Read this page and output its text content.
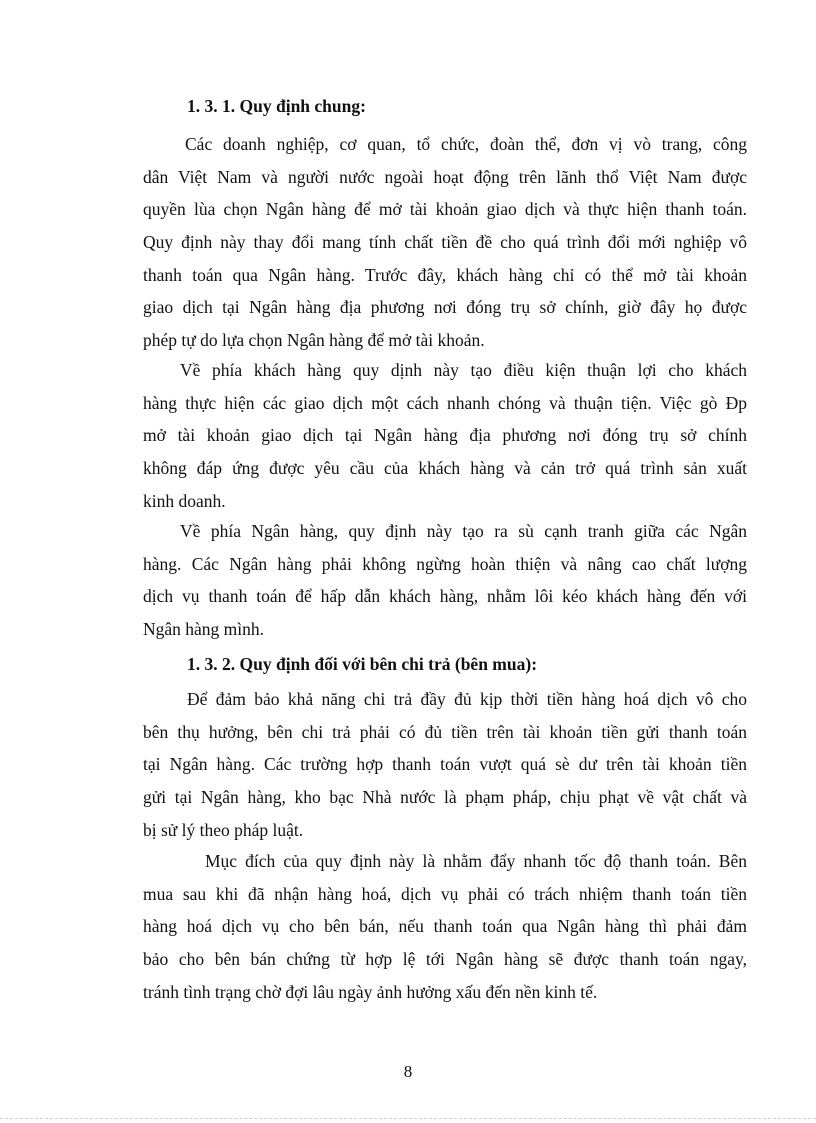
1. 3. 1. Quy định chung:
Các doanh nghiệp, cơ quan, tổ chức, đoàn thể, đơn vị vò trang, công
dân Việt Nam và người nước ngoài hoạt động trên lãnh thổ Việt Nam được
quyền lùa chọn Ngân hàng để mở tài khoản giao dịch và thực hiện thanh toán.
Quy định này thay đổi mang tính chất tiền đề cho quá trình đổi mới nghiệp vô
thanh toán qua Ngân hàng. Trước đây, khách hàng chỉ có thể mở tài khoản
giao dịch tại Ngân hàng địa phương nơi đóng trụ sở chính, giờ đây họ được
phép tự do lựa chọn Ngân hàng để mở tài khoản.
Về phía khách hàng quy dịnh này tạo điều kiện thuận lợi cho khách
hàng thực hiện các giao dịch một cách nhanh chóng và thuận tiện. Việc gò Ðp
mở tài khoản giao dịch tại Ngân hàng địa phương nơi đóng trụ sở chính
không đáp ứng được yêu cầu của khách hàng và cản trở quá trình sản xuất
kinh doanh.
Về phía Ngân hàng, quy định này tạo ra sù cạnh tranh giữa các Ngân
hàng. Các Ngân hàng phải không ngừng hoàn thiện và nâng cao chất lượng
dịch vụ thanh toán để hấp dẫn khách hàng, nhằm lôi kéo khách hàng đến với
Ngân hàng mình.
1. 3. 2. Quy định đối với bên chi trả (bên mua):
Để đảm bảo khả năng chi trả đầy đủ kịp thời tiền hàng hoá dịch vô cho
bên thụ hưởng, bên chi trả phải có đủ tiền trên tài khoản tiền gửi thanh toán
tại Ngân hàng. Các trường hợp thanh toán vượt quá sè dư trên tài khoản tiền
gửi tại Ngân hàng, kho bạc Nhà nước là phạm pháp, chịu phạt về vật chất và
bị sử lý theo pháp luật.
Mục đích của quy định này là nhằm đẩy nhanh tốc độ thanh toán. Bên
mua sau khi đã nhận hàng hoá, dịch vụ phải có trách nhiệm thanh toán tiền
hàng hoá dịch vụ cho bên bán, nếu thanh toán qua Ngân hàng thì phải đảm
bảo cho bên bán chứng từ hợp lệ tới Ngân hàng sẽ được thanh toán ngay,
tránh tình trạng chờ đợi lâu ngày ảnh hưởng xấu đến nền kinh tế.

8
